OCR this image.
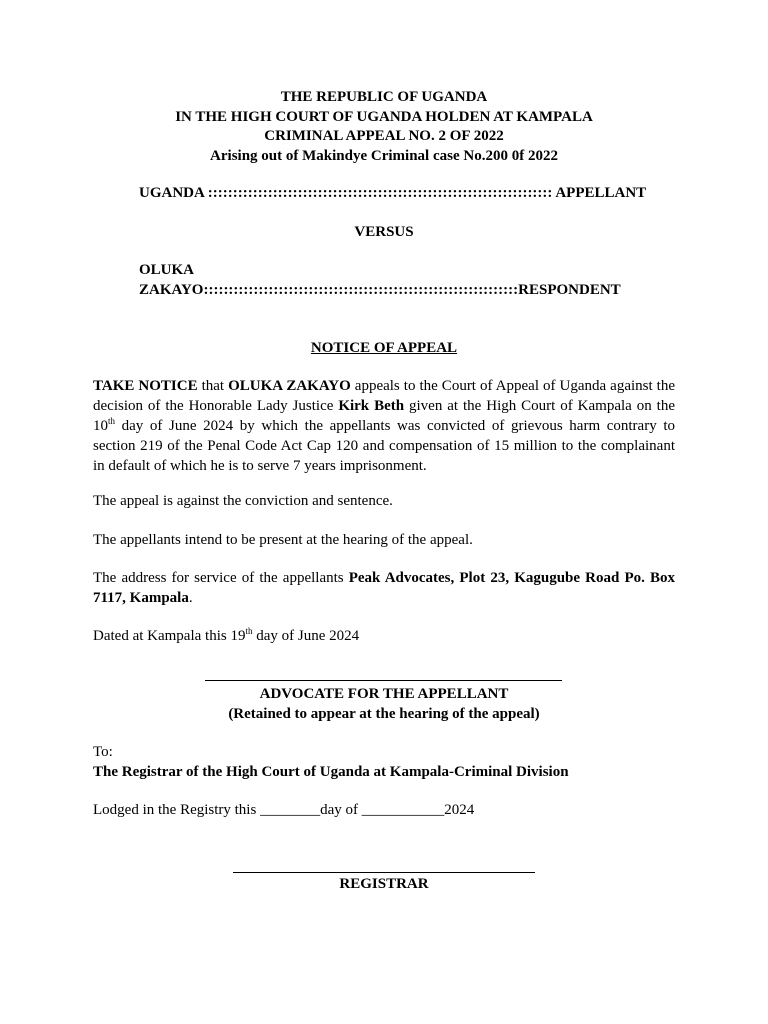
THE REPUBLIC OF UGANDA

IN THE HIGH COURT OF UGANDA HOLDEN AT KAMPALA

CRIMINAL APPEAL NO. 2 OF 2022

Arising out of Makindye Criminal case No.200 0f 2022

UGANDA ::::::::::::::::::::::::::::::::::::::::::::::::::::::::::::::::::::: APPELLANT

VERSUS

OLUKA

ZAKAYO:::::::::::::::::::::::::::::::::::::::::::::::::::::::::::::::RESPONDENT

NOTICE OF APPEAL

TAKE NOTICE that OLUKA ZAKAYO appeals to the Court of Appeal of Uganda against the decision of the Honorable Lady Justice Kirk Beth given at the High Court of Kampala on the 10th day of June 2024 by which the appellants was convicted of grievous harm contrary to section 219 of the Penal Code Act Cap 120 and compensation of 15 million to the complainant in default of which he is to serve 7 years imprisonment.

The appeal is against the conviction and sentence.

The appellants intend to be present at the hearing of the appeal.

The address for service of the appellants Peak Advocates, Plot 23, Kagugube Road Po. Box 7117, Kampala.

Dated at Kampala this 19th day of June 2024

ADVOCATE FOR THE APPELLANT

(Retained to appear at the hearing of the appeal)

To:

The Registrar of the High Court of Uganda at Kampala-Criminal Division

Lodged in the Registry this ________day of ___________2024

REGISTRAR
